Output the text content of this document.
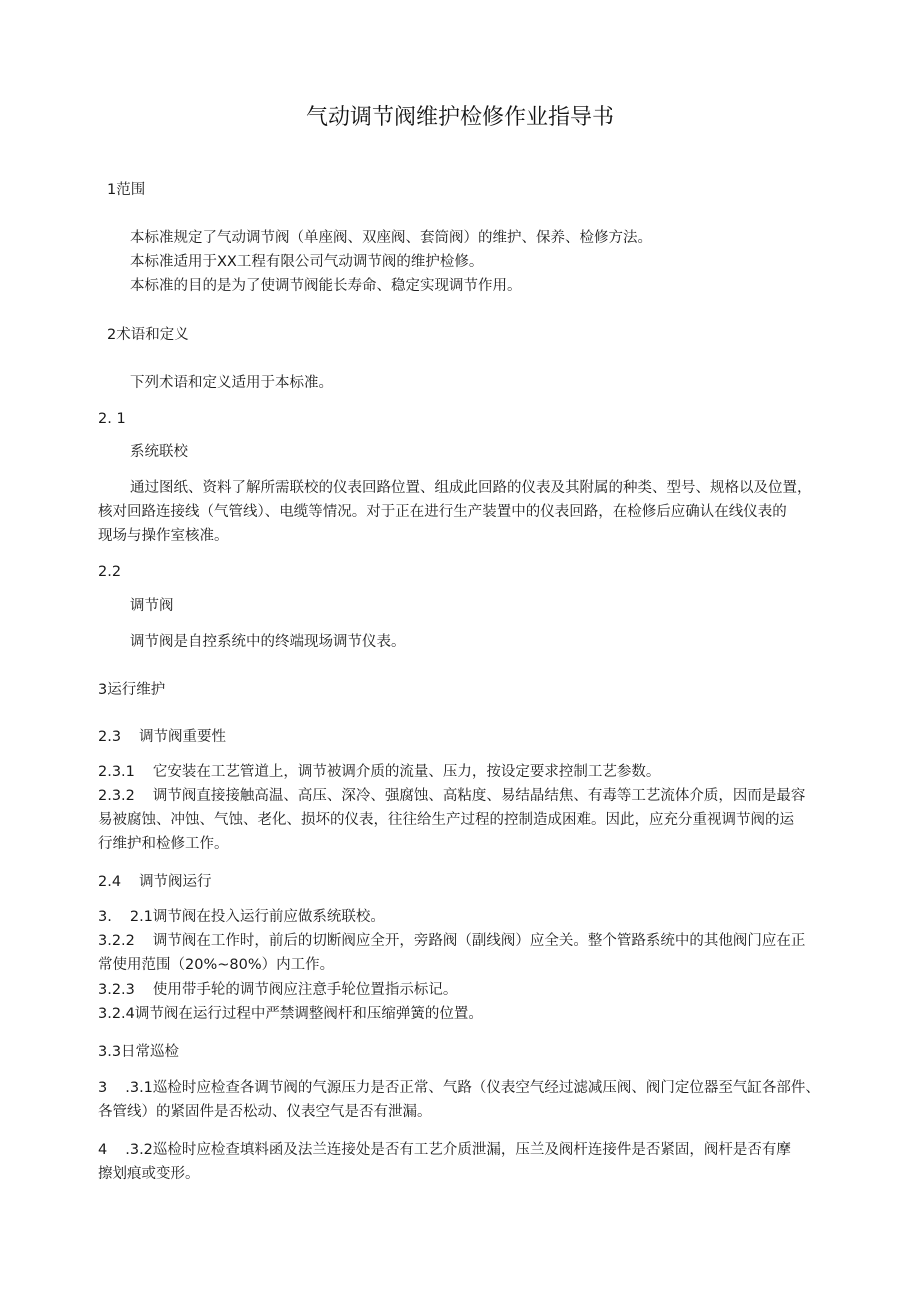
气动调节阀维护检修作业指导书

1范围

本标准规定了气动调节阀（单座阀、双座阀、套筒阀）的维护、保养、检修方法。

本标准适用于XX工程有限公司气动调节阀的维护检修。

本标准的目的是为了使调节阀能长寿命、稳定实现调节作用。

2术语和定义

下列术语和定义适用于本标准。

2. 1

系统联校

通过图纸、资料了解所需联校的仪表回路位置、组成此回路的仪表及其附属的种类、型号、规格以及位置，

核对回路连接线（气管线）、电缆等情况。对于正在进行生产装置中的仪表回路，在检修后应确认在线仪表的

现场与操作室核准。

2.2

调节阀

调节阀是自控系统中的终端现场调节仪表。

3运行维护

2.3 调节阀重要性

2.3.1 它安装在工艺管道上，调节被调介质的流量、压力，按设定要求控制工艺参数。

2.3.2 调节阀直接接触高温、高压、深冷、强腐蚀、高粘度、易结晶结焦、有毒等工艺流体介质，因而是最容

易被腐蚀、冲蚀、气蚀、老化、损坏的仪表，往往给生产过程的控制造成困难。因此，应充分重视调节阀的运

行维护和检修工作。

2.4 调节阀运行

3. 2.1调节阀在投入运行前应做系统联校。

3.2.2 调节阀在工作时，前后的切断阀应全开，旁路阀（副线阀）应全关。整个管路系统中的其他阀门应在正

常使用范围（20%~80%）内工作。

3.2.3 使用带手轮的调节阀应注意手轮位置指示标记。

3.2.4调节阀在运行过程中严禁调整阀杆和压缩弹簧的位置。

3.3日常巡检

3 .3.1巡检时应检查各调节阀的气源压力是否正常、气路（仪表空气经过滤减压阀、阀门定位器至气缸各部件、

各管线）的紧固件是否松动、仪表空气是否有泄漏。

4 .3.2巡检时应检查填料函及法兰连接处是否有工艺介质泄漏，压兰及阀杆连接件是否紧固，阀杆是否有摩

擦划痕或变形。
